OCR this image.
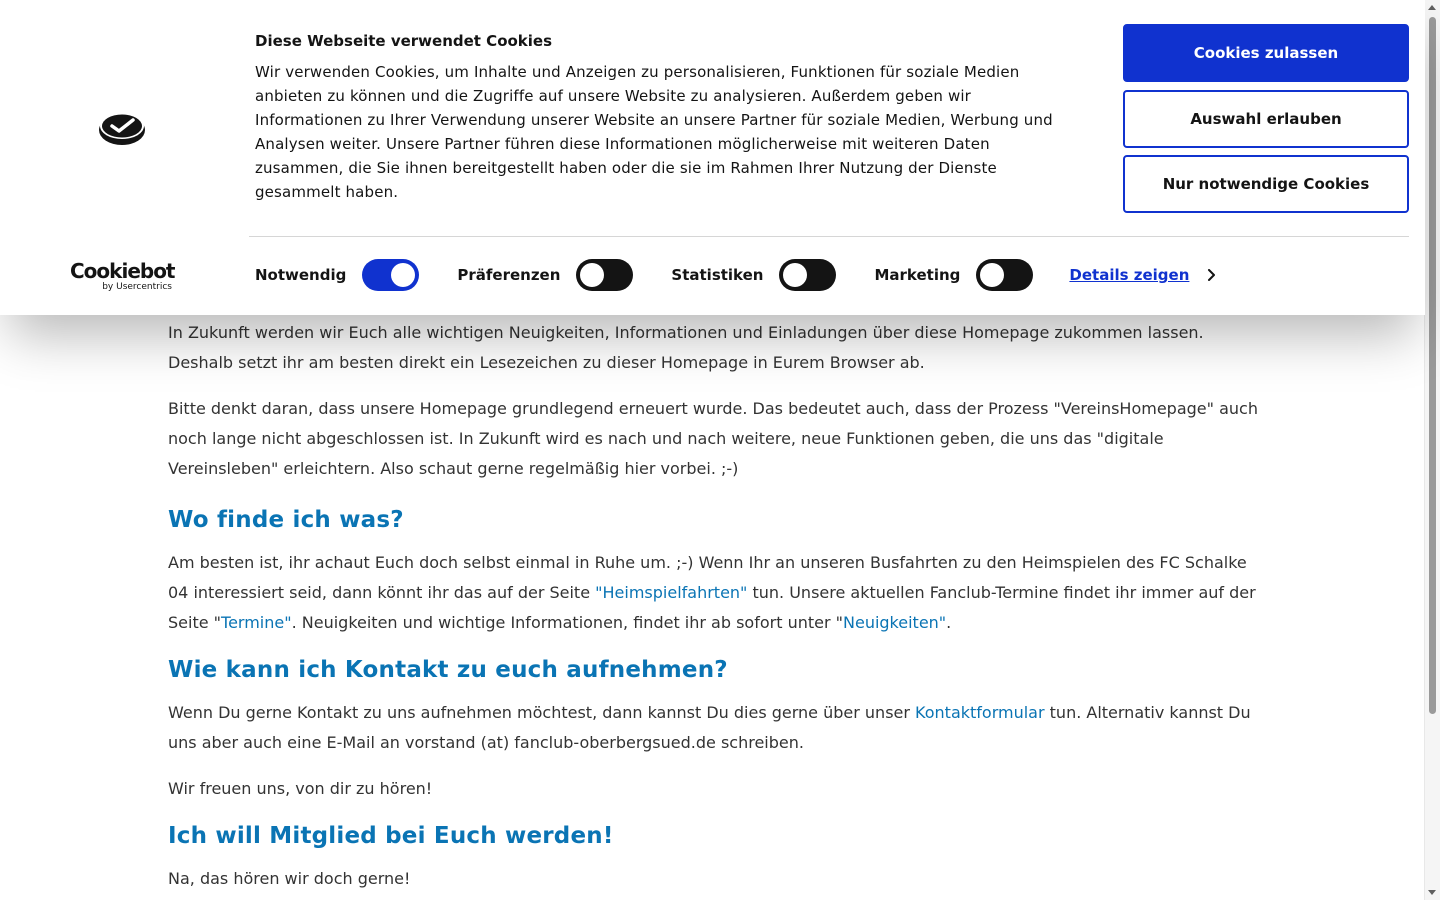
In Zukunft werden wir Euch alle wichtigen Neuigkeiten, Informationen und Einladungen über diese Homepage zukommen lassen. Deshalb setzt ihr am besten direkt ein Lesezeichen zu dieser Homepage in Eurem Browser ab.

Bitte denkt daran, dass unsere Homepage grundlegend erneuert wurde. Das bedeutet auch, dass der Prozess "VereinsHomepage" auch noch lange nicht abgeschlossen ist. In Zukunft wird es nach und nach weitere, neue Funktionen geben, die uns das "digitale Vereinsleben" erleichtern. Also schaut gerne regelmäßig hier vorbei. ;-)

Wo finde ich was?

Am besten ist, ihr achaut Euch doch selbst einmal in Ruhe um. ;-) Wenn Ihr an unseren Busfahrten zu den Heimspielen des FC Schalke 04 interessiert seid, dann könnt ihr das auf der Seite "Heimspielfahrten" tun. Unsere aktuellen Fanclub-Termine findet ihr immer auf der Seite "Termine". Neuigkeiten und wichtige Informationen, findet ihr ab sofort unter "Neuigkeiten".

Wie kann ich Kontakt zu euch aufnehmen?

Wenn Du gerne Kontakt zu uns aufnehmen möchtest, dann kannst Du dies gerne über unser Kontaktformular tun. Alternativ kannst Du uns aber auch eine E-Mail an vorstand (at) fanclub-oberbergsued.de schreiben.

Wir freuen uns, von dir zu hören!

Ich will Mitglied bei Euch werden!

Na, das hören wir doch gerne!

Cookiebot
by Usercentrics
Diese Webseite verwendet Cookies
Wir verwenden Cookies, um Inhalte und Anzeigen zu personalisieren, Funktionen für soziale Medien anbieten zu können und die Zugriffe auf unsere Website zu analysieren. Außerdem geben wir Informationen zu Ihrer Verwendung unserer Website an unsere Partner für soziale Medien, Werbung und Analysen weiter. Unsere Partner führen diese Informationen möglicherweise mit weiteren Daten zusammen, die Sie ihnen bereitgestellt haben oder die sie im Rahmen Ihrer Nutzung der Dienste gesammelt haben.
Cookies zulassen
Auswahl erlauben
Nur notwendige Cookies
Notwendig	Präferenzen	Statistiken	Marketing	Details zeigen
